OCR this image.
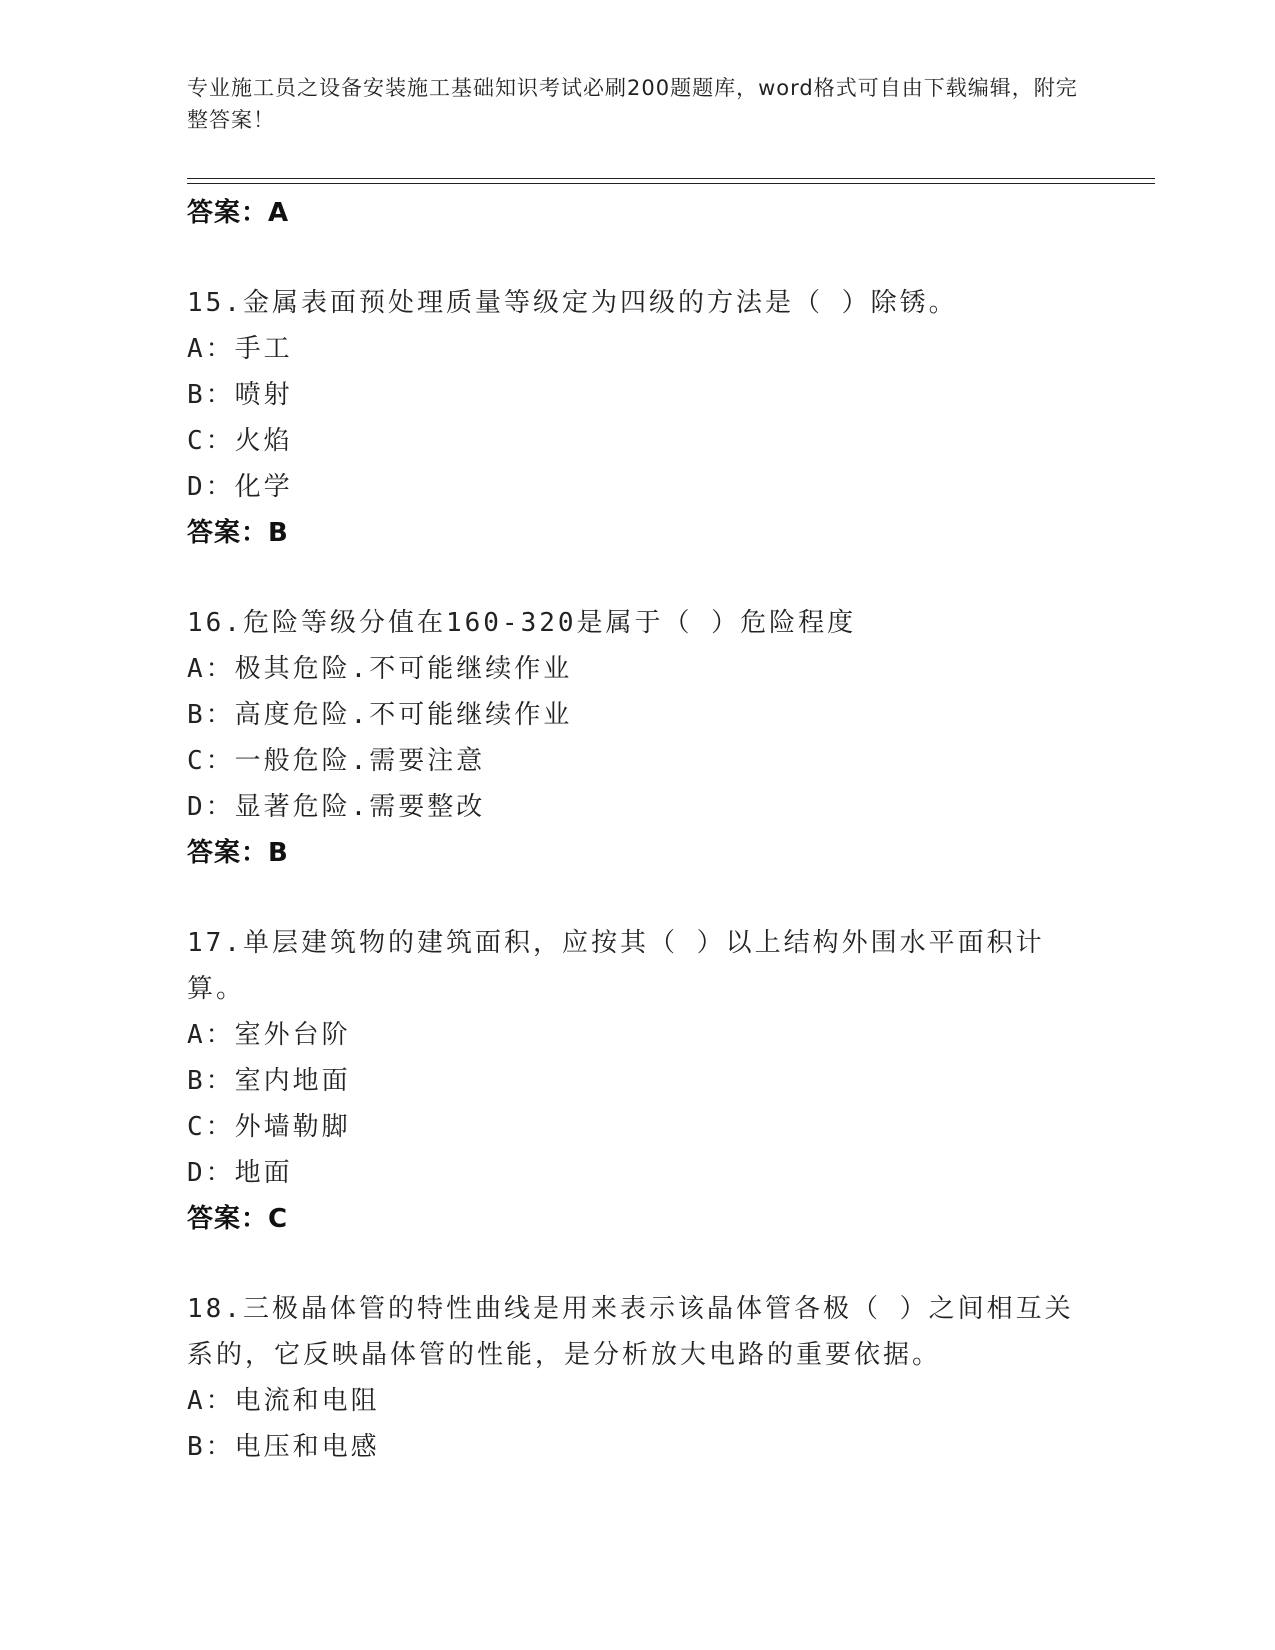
专业施工员之设备安装施工基础知识考试必刷200题题库，word格式可自由下载编辑，附完整答案！
答案：A
15.金属表面预处理质量等级定为四级的方法是（ ）除锈。
A：手工
B：喷射
C：火焰
D：化学
答案：B
16.危险等级分值在160-320是属于（ ）危险程度
A：极其危险.不可能继续作业
B：高度危险.不可能继续作业
C：一般危险.需要注意
D：显著危险.需要整改
答案：B
17.单层建筑物的建筑面积，应按其（ ）以上结构外围水平面积计算。
A：室外台阶
B：室内地面
C：外墙勒脚
D：地面
答案：C
18.三极晶体管的特性曲线是用来表示该晶体管各极（ ）之间相互关系的，它反映晶体管的性能，是分析放大电路的重要依据。
A：电流和电阻
B：电压和电感
